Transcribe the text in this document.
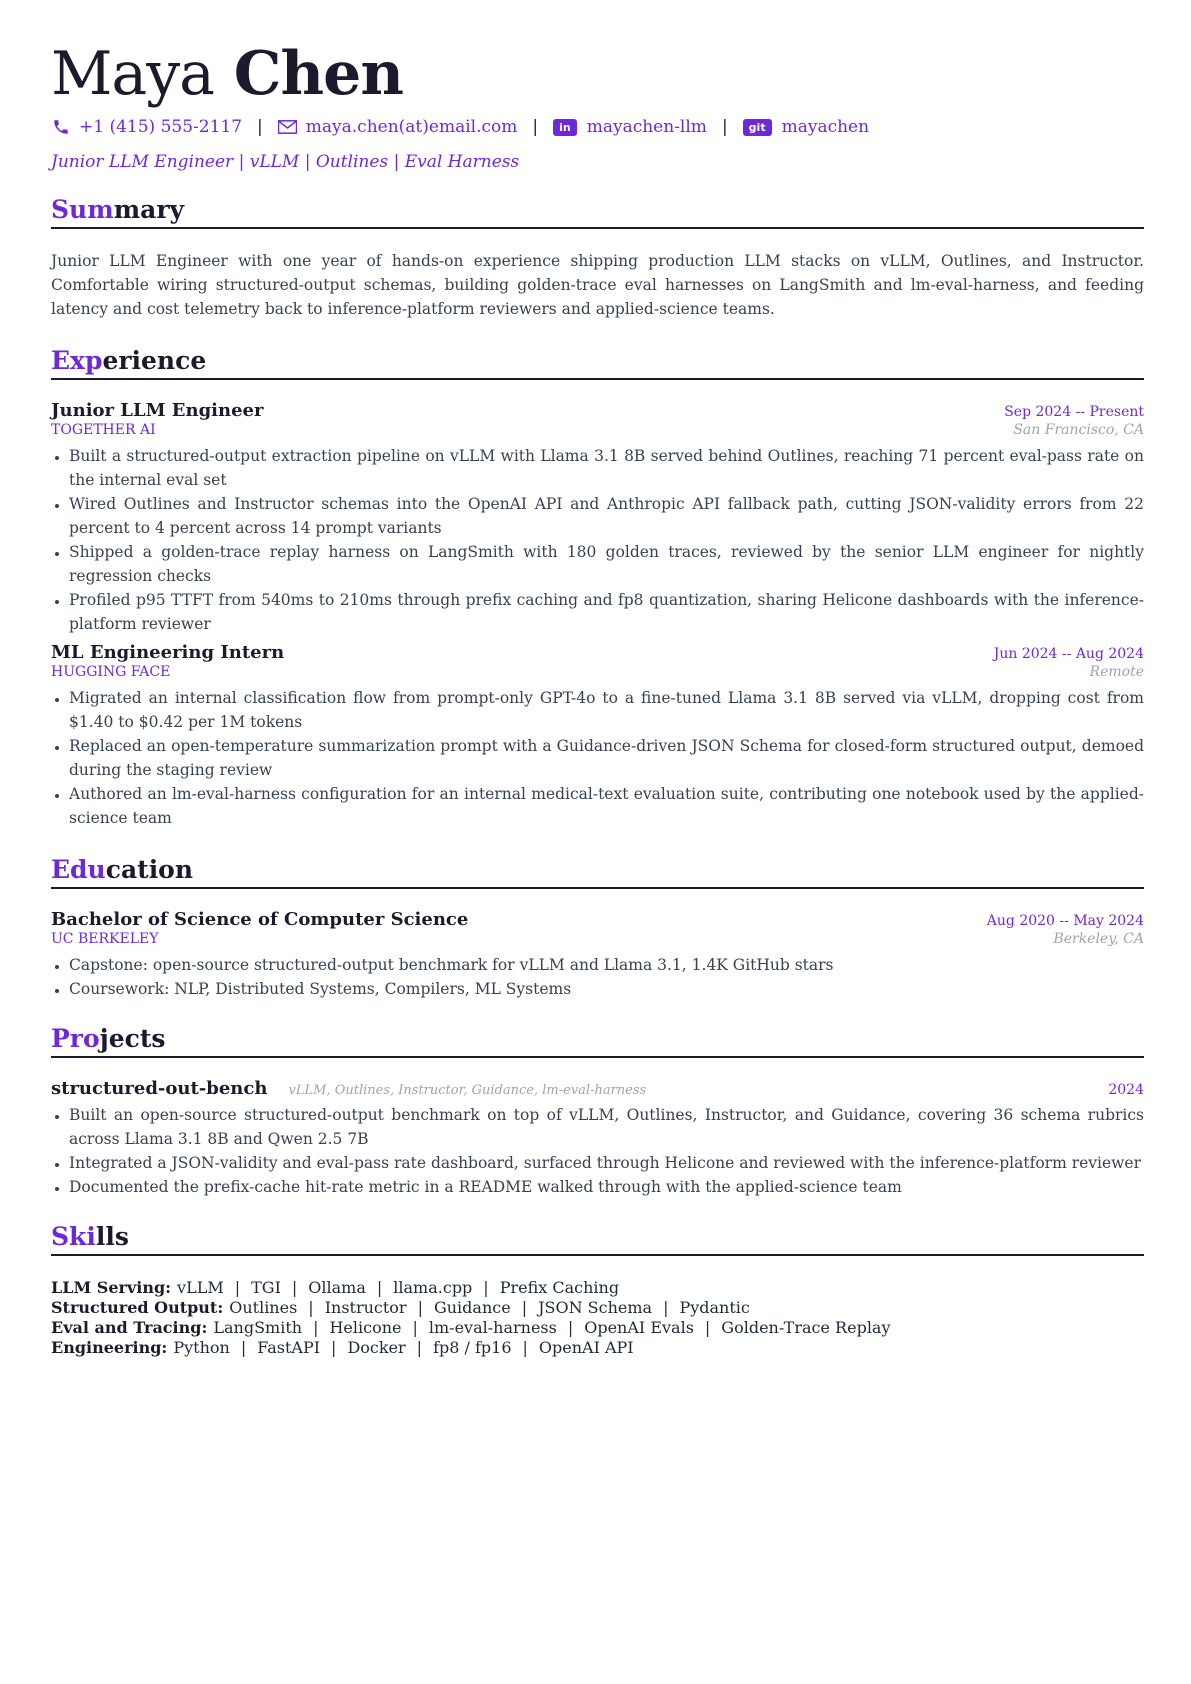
Maya Chen
+1 (415) 555-2117 |	maya.chen(at)email.com |	in mayachen-llm |	git mayachen
Junior LLM Engineer | vLLM | Outlines | Eval Harness
Summary
Junior LLM Engineer with one year of hands-on experience shipping production LLM stacks on vLLM, Outlines, and Instructor. Comfortable wiring structured-output schemas, building golden-trace eval harnesses on LangSmith and lm-eval-harness, and feeding latency and cost telemetry back to inference-platform reviewers and applied-science teams.
Experience
Junior LLM Engineer	Sep 2024 -- Present
TOGETHER AI	San Francisco, CA
• Built a structured-output extraction pipeline on vLLM with Llama 3.1 8B served behind Outlines, reaching 71 percent eval-pass rate on the internal eval set
• Wired Outlines and Instructor schemas into the OpenAI API and Anthropic API fallback path, cutting JSON-validity errors from 22 percent to 4 percent across 14 prompt variants
• Shipped a golden-trace replay harness on LangSmith with 180 golden traces, reviewed by the senior LLM engineer for nightly regression checks
• Profiled p95 TTFT from 540ms to 210ms through prefix caching and fp8 quantization, sharing Helicone dashboards with the inference-platform reviewer
ML Engineering Intern	Jun 2024 -- Aug 2024
HUGGING FACE	Remote
• Migrated an internal classification flow from prompt-only GPT-4o to a fine-tuned Llama 3.1 8B served via vLLM, dropping cost from $1.40 to $0.42 per 1M tokens
• Replaced an open-temperature summarization prompt with a Guidance-driven JSON Schema for closed-form structured output, demoed during the staging review
• Authored an lm-eval-harness configuration for an internal medical-text evaluation suite, contributing one notebook used by the applied-science team
Education
Bachelor of Science of Computer Science	Aug 2020 -- May 2024
UC BERKELEY	Berkeley, CA
• Capstone: open-source structured-output benchmark for vLLM and Llama 3.1, 1.4K GitHub stars
• Coursework: NLP, Distributed Systems, Compilers, ML Systems
Projects
structured-out-bench vLLM, Outlines, Instructor, Guidance, lm-eval-harness	2024
• Built an open-source structured-output benchmark on top of vLLM, Outlines, Instructor, and Guidance, covering 36 schema rubrics across Llama 3.1 8B and Qwen 2.5 7B
• Integrated a JSON-validity and eval-pass rate dashboard, surfaced through Helicone and reviewed with the inference-platform reviewer
• Documented the prefix-cache hit-rate metric in a README walked through with the applied-science team
Skills
LLM Serving: vLLM | TGI | Ollama | llama.cpp | Prefix Caching
Structured Output: Outlines | Instructor | Guidance | JSON Schema | Pydantic
Eval and Tracing: LangSmith | Helicone | lm-eval-harness | OpenAI Evals | Golden-Trace Replay
Engineering: Python | FastAPI | Docker | fp8 / fp16 | OpenAI API
